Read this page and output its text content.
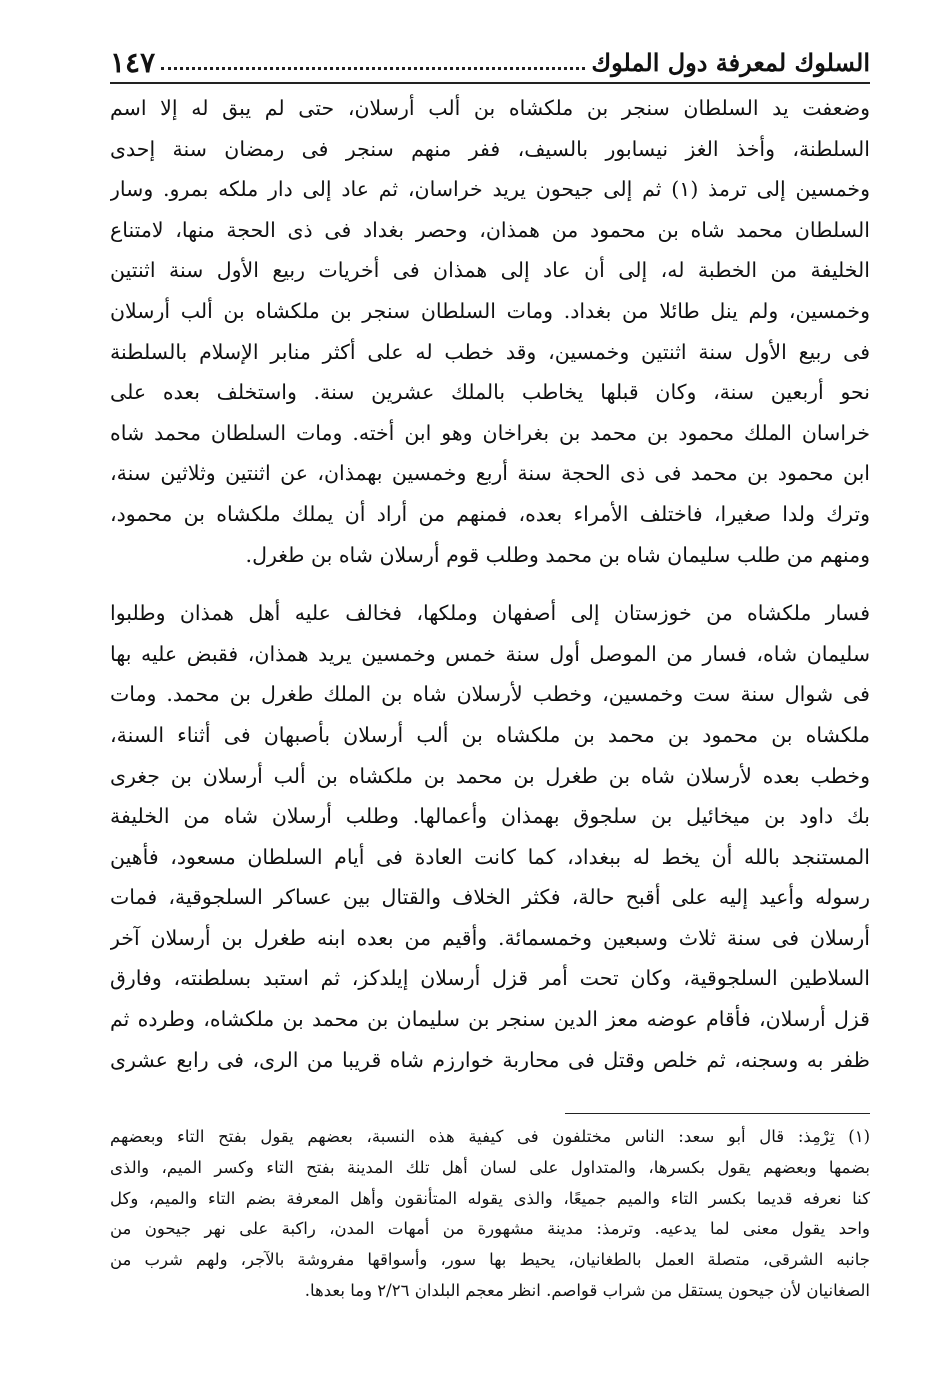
السلوك لمعرفة دول الملوك
١٤٧
وضعفت يد السلطان سنجر بن ملكشاه بن ألب أرسلان، حتى لم يبق له إلا اسم
السلطنة، وأخذ الغز نيسابور بالسيف، ففر منهم سنجر فى رمضان سنة إحدى
وخمسين إلى ترمذ (١) ثم إلى جيحون يريد خراسان، ثم عاد إلى دار ملكه بمرو. وسار
السلطان محمد شاه بن محمود من همذان، وحصر بغداد فى ذى الحجة منها، لامتناع
الخليفة من الخطبة له، إلى أن عاد إلى همذان فى أخريات ربيع الأول سنة اثنتين
وخمسين، ولم ينل طائلا من بغداد. ومات السلطان سنجر بن ملكشاه بن ألب أرسلان
فى ربيع الأول سنة اثنتين وخمسين، وقد خطب له على أكثر منابر الإسلام بالسلطنة
نحو أربعين سنة، وكان قبلها يخاطب بالملك عشرين سنة. واستخلف بعده على
خراسان الملك محمود بن محمد بن بغراخان وهو ابن أخته. ومات السلطان محمد شاه
ابن محمود بن محمد فى ذى الحجة سنة أربع وخمسين بهمذان، عن اثنتين وثلاثين سنة،
وترك ولدا صغيرا، فاختلف الأمراء بعده، فمنهم من أراد أن يملك ملكشاه بن محمود،
ومنهم من طلب سليمان شاه بن محمد وطلب قوم أرسلان شاه بن طغرل.
فسار ملكشاه من خوزستان إلى أصفهان وملكها، فخالف عليه أهل همذان وطلبوا
سليمان شاه، فسار من الموصل أول سنة خمس وخمسين يريد همذان، فقبض عليه بها
فى شوال سنة ست وخمسين، وخطب لأرسلان شاه بن الملك طغرل بن محمد. ومات
ملكشاه بن محمود بن محمد بن ملكشاه بن ألب أرسلان بأصبهان فى أثناء السنة،
وخطب بعده لأرسلان شاه بن طغرل بن محمد بن ملكشاه بن ألب أرسلان بن جغرى
بك داود بن ميخائيل بن سلجوق بهمذان وأعمالها. وطلب أرسلان شاه من الخليفة
المستنجد بالله أن يخط له ببغداد، كما كانت العادة فى أيام السلطان مسعود، فأهين
رسوله وأعيد إليه على أقبح حالة، فكثر الخلاف والقتال بين عساكر السلجوقية، فمات
أرسلان فى سنة ثلاث وسبعين وخمسمائة. وأقيم من بعده ابنه طغرل بن أرسلان آخر
السلاطين السلجوقية، وكان تحت أمر قزل أرسلان إيلدكز، ثم استبد بسلطنته، وفارق
قزل أرسلان، فأقام عوضه معز الدين سنجر بن سليمان بن محمد بن ملكشاه، وطرده ثم
ظفر به وسجنه، ثم خلص وقتل فى محاربة خوارزم شاه قريبا من الرى، فى رابع عشرى
(١) تِرْمِذ: قال أبو سعد: الناس مختلفون فى كيفية هذه النسبة، بعضهم يقول بفتح التاء وبعضهم
بضمها وبعضهم يقول بكسرها، والمتداول على لسان أهل تلك المدينة بفتح التاء وكسر الميم، والذى
كنا نعرفه قديما بكسر التاء والميم جميعًا، والذى يقوله المتأنقون وأهل المعرفة بضم التاء والميم، وكل
واحد يقول معنى لما يدعيه. وترمذ: مدينة مشهورة من أمهات المدن، راكبة على نهر جيحون من
جانبه الشرقى، متصلة العمل بالطغانيان، يحيط بها سور، وأسواقها مفروشة بالآجر، ولهم شرب من
الصغانيان لأن جيحون يستقل من شراب قواصم. انظر معجم البلدان ٢/٢٦ وما بعدها.
